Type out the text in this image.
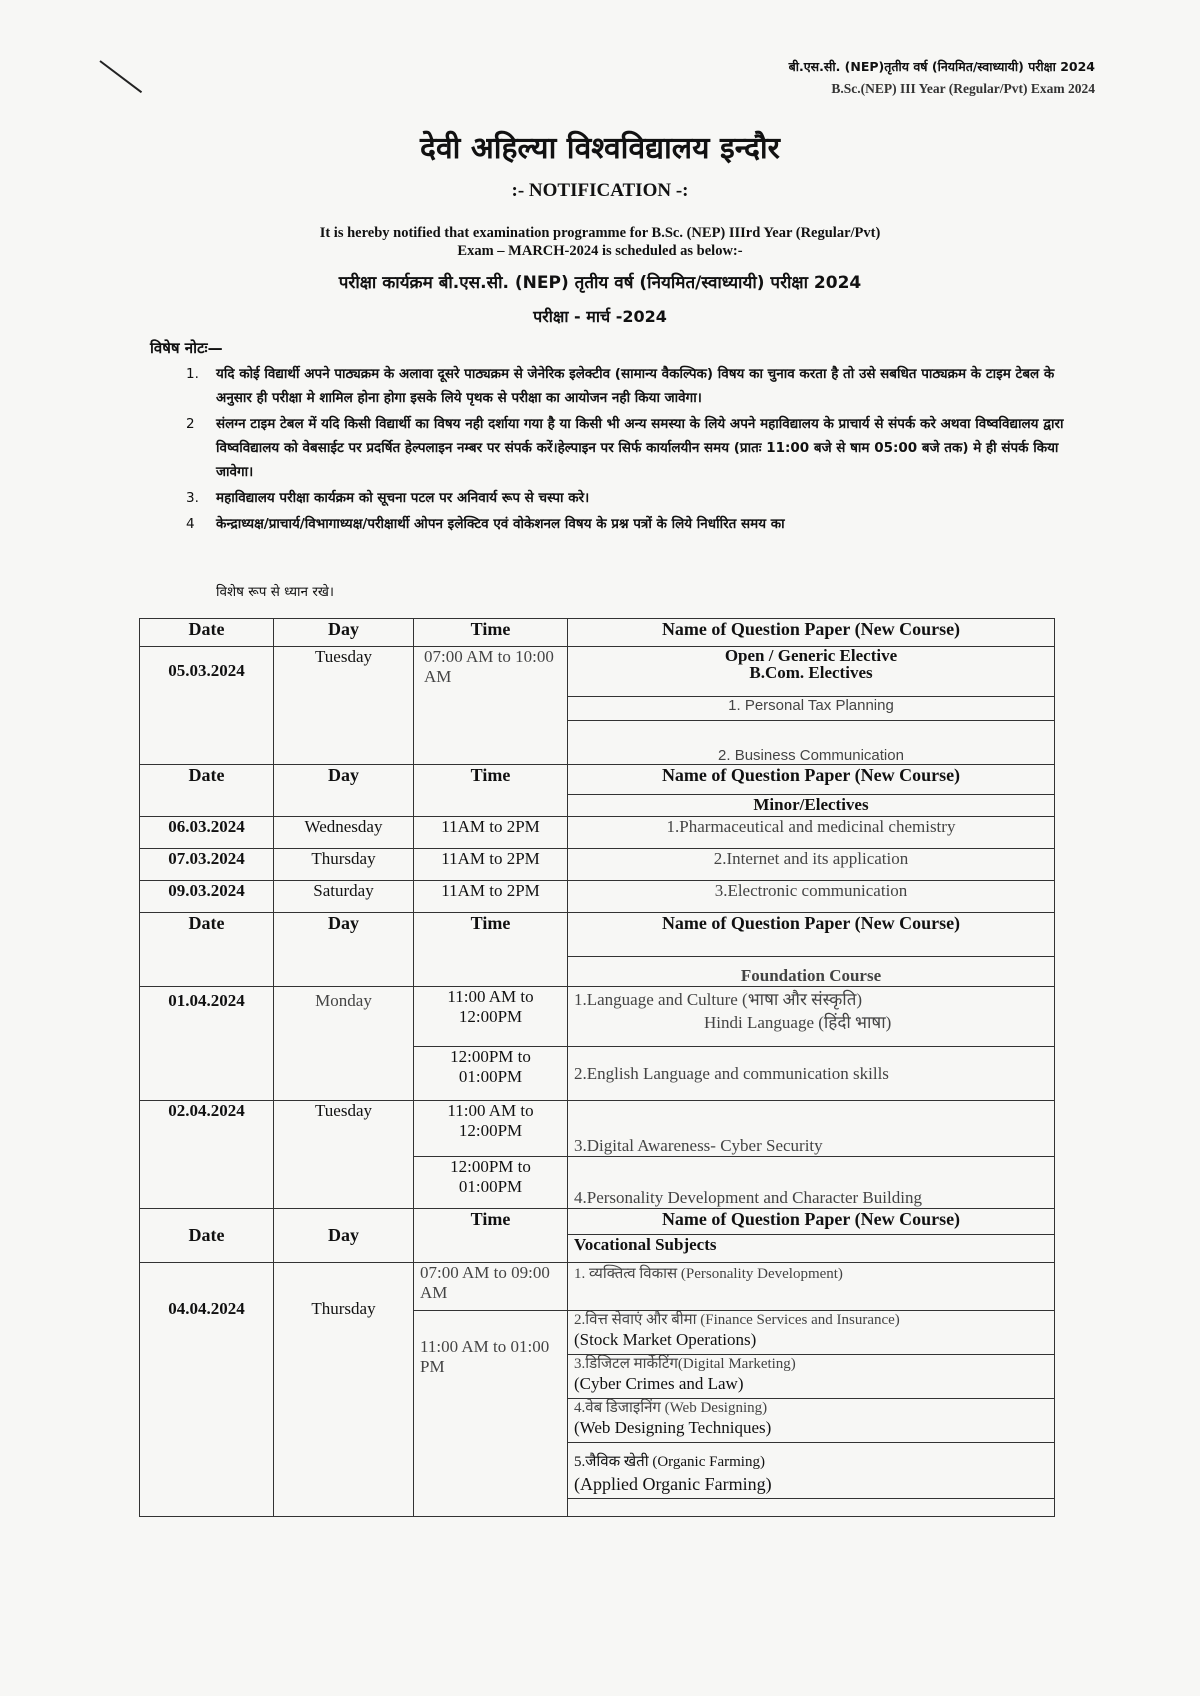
बी.एस.सी. (NEP)तृतीय वर्ष (नियमित/स्वाध्यायी) परीक्षा 2024
B.Sc.(NEP) III Year (Regular/Pvt) Exam 2024
देवी अहिल्या विश्वविद्यालय इन्दौर
:- NOTIFICATION -:
It is hereby notified that examination programme for B.Sc. (NEP) IIIrd Year (Regular/Pvt)
Exam – MARCH-2024 is scheduled as below:-
परीक्षा कार्यक्रम बी.एस.सी. (NEP) तृतीय वर्ष (नियमित/स्वाध्यायी) परीक्षा 2024
परीक्षा - मार्च -2024
विषेष नोटः—
1. यदि कोई विद्यार्थी अपने पाठ्यक्रम के अलावा दूसरे पाठ्यक्रम से जेनेरिक इलेक्टीव (सामान्य वैकल्पिक) विषय का चुनाव करता है तो उसे सबधित पाठ्यक्रम के टाइम टेबल के अनुसार ही परीक्षा मे शामिल होना होगा इसके लिये पृथक से परीक्षा का आयोजन नही किया जावेगा।
2 संलग्न टाइम टेबल में यदि किसी विद्यार्थी का विषय नही दर्शाया गया है या किसी भी अन्य समस्या के लिये अपने महाविद्यालय के प्राचार्य से संपर्क करे अथवा विष्वविद्यालय द्वारा विष्वविद्यालय को वेबसाईट पर प्रदर्षित हेल्पलाइन नम्बर पर संपर्क करें।हेल्पाइन पर सिर्फ कार्यालयीन समय (प्रातः 11:00 बजे से षाम 05:00 बजे तक) मे ही संपर्क किया जावेगा।
3. महाविद्यालय परीक्षा कार्यक्रम को सूचना पटल पर अनिवार्य रूप से चस्पा करे।
4 केन्द्राध्यक्ष/प्राचार्य/विभागाध्यक्ष/परीक्षार्थी ओपन इलेक्टिव एवं वोकेशनल विषय के प्रश्न पत्रों के लिये निर्धारित समय का
विशेष रूप से ध्यान रखे।
Date	Day	Time	Name of Question Paper (New Course)
05.03.2024	Tuesday	07:00 AM to 10:00 AM	Open / Generic Elective
B.Com. Electives

			1. Personal Tax Planning
			2. Business Communication
Date	Day	Time	Name of Question Paper (New Course)
			Minor/Electives
06.03.2024	Wednesday	11AM to 2PM	1.Pharmaceutical and medicinal chemistry
07.03.2024	Thursday	11AM to 2PM	2.Internet and its application
09.03.2024	Saturday	11AM to 2PM	3.Electronic communication
Date	Day	Time	Name of Question Paper (New Course)
			Foundation Course
01.04.2024	Monday	11:00 AM to 12:00PM	1.Language and Culture (भाषा और संस्कृति)
Hindi Language (हिंदी भाषा)

		12:00PM to 01:00PM	2.English Language and communication skills
02.04.2024	Tuesday	11:00 AM to 12:00PM	3.Digital Awareness- Cyber Security
		12:00PM to 01:00PM	4.Personality Development and Character Building
Date	Day	Time	Name of Question Paper (New Course)
			Vocational Subjects
04.04.2024	Thursday	07:00 AM to 09:00 AM	1. व्यक्तित्व विकास (Personality Development)
		11:00 AM to 01:00 PM	2.वित्त सेवाएं और बीमा (Finance Services and Insurance)
(Stock Market Operations)

			3.डिजिटल मार्केटिंग(Digital Marketing)
(Cyber Crimes and Law)

			4.वेब डिजाइनिंग (Web Designing)
(Web Designing Techniques)

			5.जैविक खेती (Organic Farming)
(Applied Organic Farming)
